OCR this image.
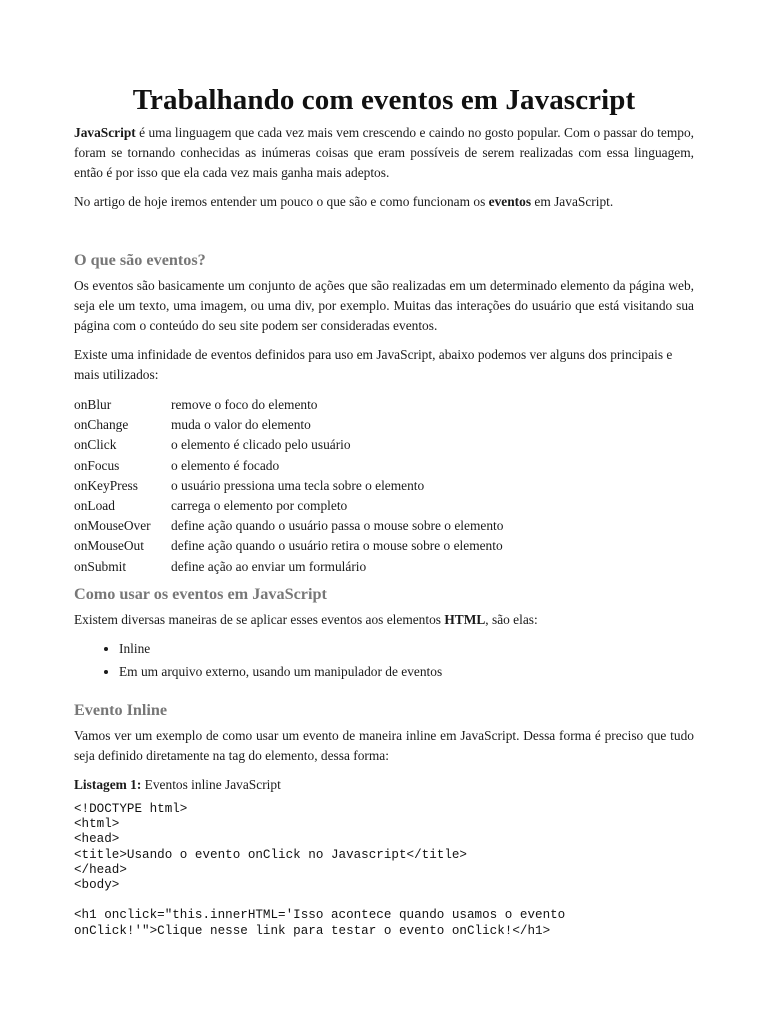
Trabalhando com eventos em Javascript

JavaScript é uma linguagem que cada vez mais vem crescendo e caindo no gosto popular. Com o passar do tempo, foram se tornando conhecidas as inúmeras coisas que eram possíveis de serem realizadas com essa linguagem, então é por isso que ela cada vez mais ganha mais adeptos.

No artigo de hoje iremos entender um pouco o que são e como funcionam os eventos em JavaScript.

O que são eventos?

Os eventos são basicamente um conjunto de ações que são realizadas em um determinado elemento da página web, seja ele um texto, uma imagem, ou uma div, por exemplo. Muitas das interações do usuário que está visitando sua página com o conteúdo do seu site podem ser consideradas eventos.

Existe uma infinidade de eventos definidos para uso em JavaScript, abaixo podemos ver alguns dos principais e mais utilizados:

onBlur	remove o foco do elemento
onChange	muda o valor do elemento
onClick	o elemento é clicado pelo usuário
onFocus	o elemento é focado
onKeyPress	o usuário pressiona uma tecla sobre o elemento
onLoad	carrega o elemento por completo
onMouseOver	define ação quando o usuário passa o mouse sobre o elemento
onMouseOut	define ação quando o usuário retira o mouse sobre o elemento
onSubmit	define ação ao enviar um formulário
Como usar os eventos em JavaScript

Existem diversas maneiras de se aplicar esses eventos aos elementos HTML, são elas:

• Inline
• Em um arquivo externo, usando um manipulador de eventos
Evento Inline

Vamos ver um exemplo de como usar um evento de maneira inline em JavaScript. Dessa forma é preciso que tudo seja definido diretamente na tag do elemento, dessa forma:

Listagem 1: Eventos inline JavaScript
<!DOCTYPE html>
<html>
<head>
<title>Usando o evento onClick no Javascript</title>
</head>
<body>

<h1 onclick="this.innerHTML='Isso acontece quando usamos o evento
onClick!'">Clique nesse link para testar o evento onClick!</h1>
